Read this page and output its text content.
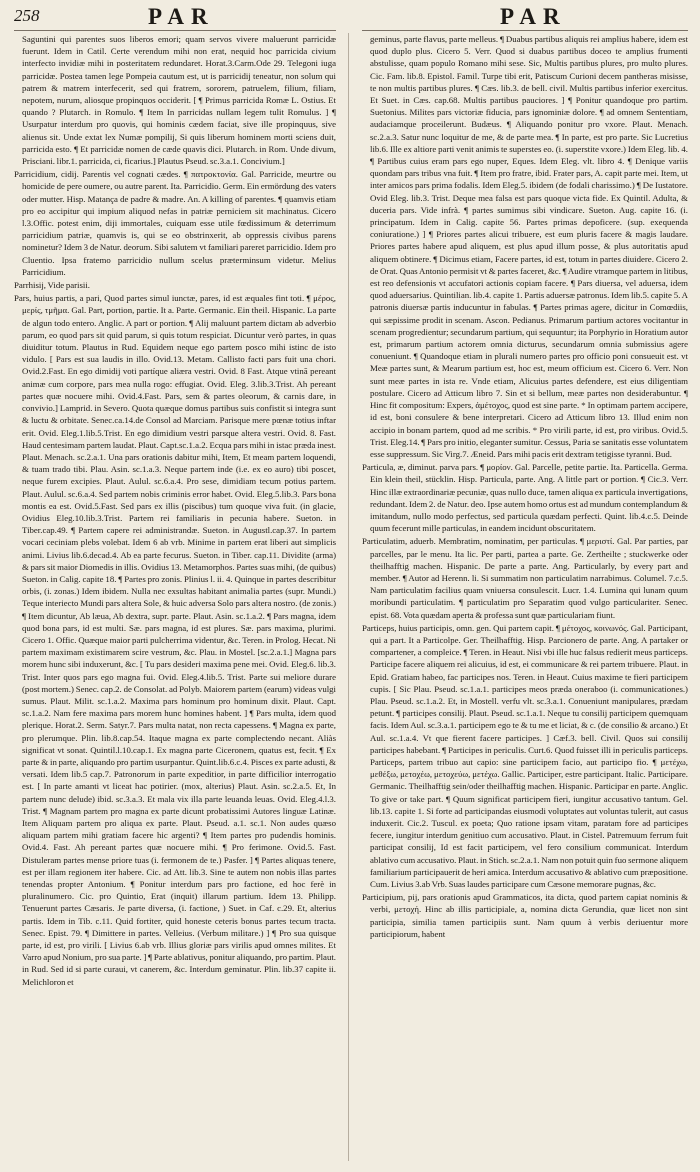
258	PAR	PAR

Saguntini qui parentes suos liberos emori; quam servos vivere maluerunt parricidæ fuerunt. Idem in Catil. Certe verendum mihi non erat, nequid hoc parricida civium interfecto invidiæ mihi in posteritatem redundaret. Horat.3.Carm.Ode 29. Telegoni iuga parricidæ. Postea tamen lege Pompeia cautum est, ut is parricidij teneatur, non solum qui patrem & matrem interfecerit, sed qui fratrem, sororem, patruelem, filium, filiam, nepotem, nurum, aliosque propinquos occiderit. [ ¶ Primus parricida Romæ L. Ostius. Et quando ? Plutarch. in Romulo. ¶ Item In parricidas nullam legem tulit Romulus. ] ¶ Usurpatur interdum pro quovis, qui hominis cædem faciat, sive ille propinquus, sive alienus sit. Unde extat lex Numæ pompilij, Si quis liberum hominem morti sciens duit, parricida esto. ¶ Et parricidæ nomen de cæde quavis dici. Plutarch. in Rom. Unde divum, Prisciani. libr.1. parricida, ci, ficarius.] Plautus Pseud. sc.3.a.1. Concivium.]

Parricidium, cidij. Parentis vel cognati cædes. ¶ πατροκτονία. Gal. Parricide, meurtre ou homicide de pere oumere, ou autre parent. Ita. Parricidio. Germ. Ein ermördung des vaters oder mutter. Hisp. Matança de padre & madre. An. A killing of parentes. ¶ quamvis etiam pro eo accipitur qui impium aliquod nefas in patriæ perniciem sit machinatus. Cicero l.3.Offic. potest enim, diji immortales, cuiquam esse utile fœdissimum & deterrimum parricidium patriæ, quamvis is, qui se eo obstrinxerit, ab oppressis civibus parens nominetur? Idem 3 de Natur. deorum. Sibi salutem vt familiari pareret parricidio. Idem pro Cluentio. Ipsa fratemo parricidio nullum scelus præterminsum videtur. Melius Parricidium.

Parrhisij, Vide parisii.

Pars, huius partis, a pari, Quod partes simul iunctæ, pares, id est æquales fint toti. ¶ μέρος, μερίς, τμῆμα. Gal. Part, portion, partie. It a. Parte. Germanic. Ein theil. Hispanic. La parte de algun todo entero. Anglic. A part or portion. ¶ Alij maluunt partem dictam ab adverbio parum, eo quod pars sit quid parum, si quis totum respiciat. Dicuntur verò partes, in quas diuiditur totum. Plautus in Rud. Equidem neque ego partem posco mihi istinc de isto vidulo. [ Pars est sua laudis in illo. Ovid.13. Metam. Callisto facti pars fuit una chori. Ovid.2.Fast. En ego dimidij voti partíque aliæra vestri. Ovid. 8 Fast. Atque vtinā pereant animæ cum corpore, pars mea nulla rogo: effugiat. Ovid. Eleg. 3.lib.3.Trist. Ah pereant partes quæ nocuere mihi. Ovid.4.Fast. Pars, sem & partes oleorum, & carnis dare, in convivio.] Lamprid. in Severo. Quota quæque domus partibus suis confistit si integra sunt & luctu & orbitate. Senec.ca.14.de Consol ad Marciam. Parisque mere pœnæ totius inftar erit. Ovid. Eleg.1.lib.5.Trist. En ego dimidium vestri parsque altera vestri. Ovid. 8. Fast. Haud centesimam partem laudat. Plaut. Capt.sc.1.a.2. Ecqua pars mihi in istac præda inest. Plaut. Menach. sc.2.a.1. Una pars orationis dabitur mihi, Item, Et meam partem loquendi, & tuam trado tibi. Plau. Asin. sc.1.a.3. Neque partem inde (i.e. ex eo auro) tibi poscet, neque furem excipies. Plaut. Aulul. sc.6.a.4. Pro sese, dimidiam tecum potius partem. Plaut. Aulul. sc.6.a.4. Sed partem nobis criminis error habet. Ovid. Eleg.5.lib.3. Pars bona montis ea est. Ovid.5.Fast. Sed pars ex illis (piscibus) tum quoque viva fuit. (in glacie, Ovidius Eleg.10.lib.3.Trist. Partem rei familiaris in pecunia habere. Sueton. in Tiber.cap.49. ¶ Partem capere rei administrandæ. Sueton. in Augustl.cap.37. In partem vocari ceciniam plebs volebat. Idem 6 ab vrb. Minime in partem erat liberi aut simplicis animi. Livius lib.6.decad.4. Ab ea parte fecurus. Sueton. in Tiber. cap.11. Dividite (arma) & pars sit maior Diomedis in illis. Ovidius 13. Metamorphos. Partes suas mihi, (de quibus) Sueton. in Calig. capite 18. ¶ Partes pro zonis. Plinius l. ii. 4. Quinque in partes describitur orbis, (i. zonas.) Idem ibidem. Nulla nec exsultas habitant animalia partes (supr. Mundi.) Teque interiecto Mundi pars altera Sole, & huic adversa Solo pars altera nostro. (de zonis.) ¶ Item dicuntur, Ab læua, Ab dextra, supr. parte. Plaut. Asin. sc.1.a.2. ¶ Pars magna, idem quod bona pars, id est multi. Sæ. pars magna, id est plures. Sæ. pars maxima, plurimi. Cicero 1. Offic. Quæque maior parti pulcherrima videntur, &c. Teren. in Prolog. Hecat. Ni partem maximam existimarem scire vestrum, &c. Plau. in Mostel. [sc.2.a.1.] Magna pars morem hunc sibi induxerunt, &c. [ Tu pars desideri maxima pene mei. Ovid. Eleg.6. lib.3. Trist. Inter quos pars ego magna fui. Ovid. Eleg.4.lib.5. Trist. Parte sui meliore durare (post mortem.) Senec. cap.2. de Consolat. ad Polyb. Maiorem partem (earum) videas vulgi sumus. Plaut. Milit. sc.1.a.2. Maxima pars hominum pro hominum dixit. Plaut. Capt. sc.1.a.2. Nam fere maxima pars morem hunc homines habent. ] ¶ Pars multa, idem quod plerique. Horat.2. Serm. Satyr.7. Pars multa natat, non recta capessens. ¶ Magna ex parte, pro plerumque. Plin. lib.8.cap.54. Itaque magna ex parte complectendo necant. Aliàs significat vt sonat. Quintil.l.10.cap.1. Ex magna parte Ciceronem, quatus est, fecit. ¶ Ex parte & in parte, aliquando pro partim usurpantur. Quint.lib.6.c.4. Pisces ex parte adusti, & versati. Idem lib.5 cap.7. Patronorum in parte expeditior, in parte difficilior interrogatio est. [ In parte amanti vt liceat hac potirier. (mox, alterius) Plaut. Asin. sc.2.a.5. Et, In partem nunc delude) ibid. sc.3.a.3. Et mala vix illa parte leuanda leuas. Ovid. Eleg.4.l.3. Trist. ¶ Magnam partem pro magna ex parte dicunt probatissimi Autores linguæ Latinæ. Item Aliquam partem pro aliqua ex parte. Plaut. Pseud. a.1. sc.1. Non audes quæso aliquam partem mihi gratiam facere hic argenti? ¶ Item partes pro pudendis hominis. Ovid.4. Fast. Ah pereant partes quæ nocuere mihi. ¶ Pro ferimone. Ovid.5. Fast. Distuleram partes mense priore tuas (i. fermonem de te.) Pasfer. ] ¶ Partes aliquas tenere, est per illam regionem iter habere. Cic. ad Att. lib.3. Sine te autem non nobis illas partes tenendas propter Antonium. ¶ Ponitur interdum pars pro factione, ed hoc ferè in pluralinumero. Cic. pro Quintio, Erat (inquit) illarum partium. Idem 13. Philipp. Tenuerunt partes Cæsaris. Je parte diversa, (i. factione, ) Suet. in Caf. c.29. Et, alterius partis. Idem in Tib. c.11. Quid fortiter, quid honeste ceteris bonus partes tecum tracta. Senec. Epist. 79. ¶ Dimittere in partes. Velleius. (Verbum militare.) ] ¶ Pro sua quisque parte, id est, pro virili. [ Livius 6.ab vrb. Illius gloriæ pars virilis apud omnes milites. Et Varro apud Nonium, pro sua parte. ] ¶ Parte ablativus, ponitur aliquando, pro partim. Plaut. in Rud. Sed id si parte curaui, vt canerem, &c. Interdum geminatur. Plin. lib.37 capite ii. Melichloron et

geminus, parte flavus, parte melleus. ¶ Duabus partibus aliquis rei amplius habere, idem est quod duplo plus. Cicero 5. Verr. Quod si duabus partibus doceo te amplius frumenti abstulisse, quam populo Romano mihi sese. Sic, Multis partibus plures, pro multo plures. Cic. Fam. lib.8. Epistol. Famil. Turpe tibi erit, Patiscum Curioni decem pantheras misisse, te non multis partibus plures. ¶ Cæs. lib.3. de bell. civil. Multis partibus inferior exercitus. Et Suet. in Cæs. cap.68. Multis partibus pauciores. ] ¶ Ponitur quandoque pro partim. Suetonius. Milites pars victoriæ fiducia, pars ignominiæ dolore. ¶ ad omnem Sententiam, audaciamque proceilerunt. Budæus. ¶ Aliquando ponitur pro vxore. Plaut. Menach. sc.2.a.3. Satur nunc loquitur de me, & de parte mea. ¶ In parte, est pro parte. Sic Lucretius lib.6. Ille ex altiore parti venit animis te superstes eo. (i. superstite vxore.) Idem Eleg. lib. 4. ¶ Partibus cuius eram pars ego nuper, Eques. Idem Eleg. vlt. libro 4. ¶ Denique variis quondam pars tribus vna fuit. ¶ Item pro fratre, ibid. Frater pars, A. capit parte mei. Item, ut inter amicos pars prima fodalis. Idem Eleg.5. ibidem (de fodali charissimo.) ¶ De Iustatore. Ovid Eleg. lib.3. Trist. Deque mea falsa est pars quoque victa fide. Ex Quintil. Adulta, & duceria pars. Vide infrà. ¶ partes sumimus sibi vindicare. Sueton. Aug. capite 16. (i. principatum. Idem in Calig. capite 56. Partes primas depoficere. (sup. exequenda coniuratione.) ] ¶ Priores partes alicui tribuere, est eum pluris facere & magis laudare. Priores partes habere apud aliquem, est plus apud illum posse, & plus autoritatis apud aliquem obtinere. ¶ Dicimus etiam, Facere partes, id est, totum in partes diuidere. Cicero 2. de Orat. Quas Antonio permisit vt & partes faceret, &c. ¶ Audire vtramque partem in litibus, est reo defensionis vt accufatori actionis copiam facere. ¶ Pars diuersa, vel aduersa, idem quod aduersarius. Quintilian. lib.4. capite 1. Partis aduersæ patronus. Idem lib.5. capite 5. A patronis diuersæ partis inducuntur in fabulas. ¶ Partes primas agere, dicitur in Comœdiis, qui sæpissime prodit in scenam. Ascon. Pedianus. Primarum partium actores vocitantur in scenam progredientur; secundarum partium, qui sequuntur; ita Porphyrio in Horatium autor est, primarum partium actorem omnia dicturus, secundarum omnia submissius agere conueniunt. ¶ Quandoque etiam in plurali numero partes pro officio poni consueuit est. vt Meæ partes sunt, & Mearum partium est, hoc est, meum officium est. Cicero 6. Verr. Non sunt meæ partes in ista re. Vnde etiam, Alicuius partes defendere, est eius diligentiam postulare. Cicero ad Atticum libro 7. Sin et si bellum, meæ partes non desiderabuntur. ¶ Hinc fit compositum: Expers, ἀμέτοχος, quod est sine parte. * In optimam partem accipere, id est, boni consulere & bene interpretari. Cicero ad Atticum libro 13. Illud enim non accipio in bonam partem, quod ad me scribis. * Pro virili parte, id est, pro viribus. Ovid.5. Trist. Eleg.14. ¶ Pars pro initio, eleganter sumitur. Cessus, Paria se sanitatis esse voluntatem esse suppressum. Sic Virg.7. Æneid. Pars mihi pacis erit dextram tetigisse tyranni. Bud.

Particula, æ, diminut. parva pars. ¶ μορίον. Gal. Parcelle, petite partie. Ita. Particella. Germa. Ein klein theil, stücklin. Hisp. Particula, parte. Ang. A little part or portion. ¶ Cic.3. Verr. Hinc illæ extraordinariæ pecuniæ, quas nullo duce, tamen aliqua ex particula invertigations, redundant. Idem 2. de Natur. deo. Ipse autem homo ortus est ad mundum contemplandum & imitandum, nullo modo perfectus, sed particula quædam perfecti. Quint. lib.4.c.5. Deinde quum fecerunt mille particulas, in eandem incidunt obscuritatem.

Particulatim, aduerb. Membratim, nominatim, per particulas. ¶ μεριστί. Gal. Par parties, par parcelles, par le menu. Ita lic. Per parti, partea a parte. Ge. Zertheilte ; stuckwerke oder theilhafftig machen. Hispanic. De parte a parte. Ang. Particularly, by every part and member. ¶ Autor ad Herenn. li. Si summatim non particulatim narrabimus. Columel. 7.c.5. Nam particulatim facilius quam vniuersa consulescit. Lucr. 1.4. Lumina qui lunam quum moribundi particulatim. ¶ particulatim pro Separatim quod vulgo particulariter. Senec. epist. 68. Vota quædam aperta & professa sunt quæ particulariam fiunt.

Particeps, huius participis, omn. gen. Qui partem capit. ¶ μέτοχος, κοινωνός. Gal. Participant, qui a part. It a Particolpe. Ger. Theilhafftig. Hisp. Parcionero de parte. Ang. A partaker or compartener, a compleice. ¶ Teren. in Heaut. Nisi vbi ille huc falsus redierit meus particeps. Participe facere aliquem rei alicuius, id est, ei communicare & rei partem tribuere. Plaut. in Epid. Gratiam habeo, fac participes nos. Teren. in Heaut. Cuius maxime te fieri participem cupis. [ Sic Plau. Pseud. sc.1.a.1. participes meos præda oneraboo (i. communicationes.) Plau. Pseud. sc.1.a.2. Et, in Mostell. verfu vlt. sc.3.a.1. Conueniunt manipulares, prædam petunt. ¶ participes consilij. Plaut. Pseud. sc.1.a.1. Neque tu consilij participem quemquam facis. Idem Aul. sc.3.a.1. participem ego te & tu me et liciat, & c. (de consilio & arcano.) Et Aul. sc.1.a.4. Vt que fierent facere participes. ] Cæf.3. bell. Civil. Quos sui consilij participes habebant. ¶ Participes in periculis. Curt.6. Quod fuisset illi in periculis particeps. Particeps, partem tribuo aut capio: sine participem facio, aut participo fio. ¶ μετέχω, μεθέξω, μετοχέω, μετοχεύω, μετέχω. Gallic. Participer, estre participant. Italic. Participare. Germanic. Theilhafftig sein/oder theilhafftig machen. Hispanic. Participar en parte. Anglic. To give or take part. ¶ Quum significat participem fieri, iungitur accusativo tantum. Gel. lib.13. capite 1. Si forte ad participandas eiusmodi voluptates aut voluntas tulerit, aut casus induxerit. Cic.2. Tuscul. ex poeta; Quo ratione ipsam vitam, paratam fore ad participes fecere, iungitur interdum genitiuo cum accusativo. Plaut. in Cistel. Patremuum ferrum fuit participat consilij, Id est facit participem, vel fero consilium communicat. Interdum ablativo cum accusativo. Plaut. in Stich. sc.2.a.1. Nam non potuit quin fuo sermone aliquem familiarium participauerit de heri amica. Interdum accusativo & ablativo cum præpositione. Cum. Livius 3.ab Vrb. Suas laudes participare cum Cæsone memorare pugnas, &c.

Participium, pij, pars orationis apud Grammaticos, ita dicta, quod partem capiat nominis & verbi, μετοχή. Hinc ab illis participiale, a, nomina dicta Gerundia, quæ licet non sint participia, similia tamen participiis sunt. Nam quum à verbis deriuentur more participiorum, habent
